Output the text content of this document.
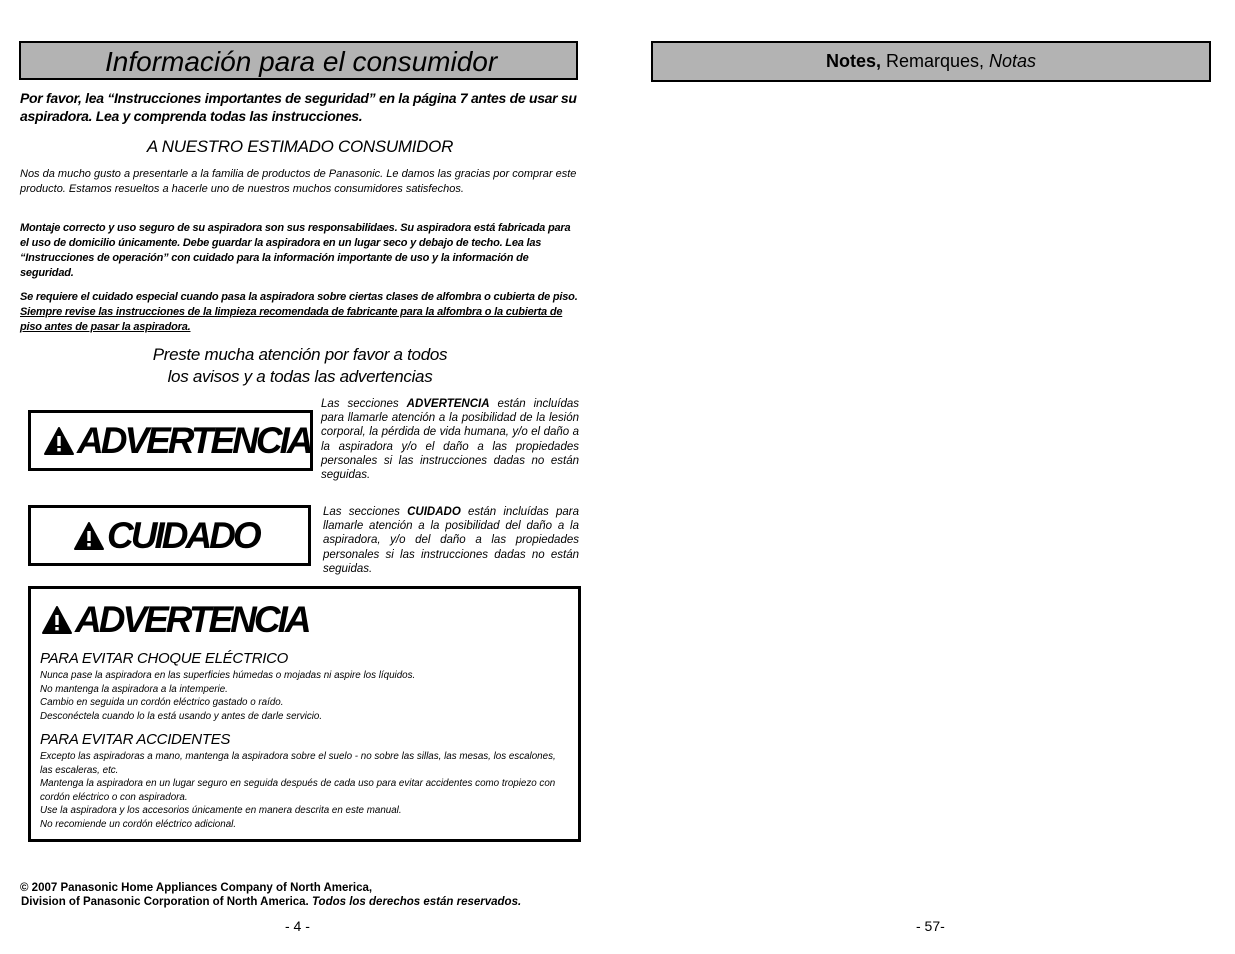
Información para el consumidor
Por favor, lea “Instrucciones importantes de seguridad” en la página 7 antes de usar su aspiradora. Lea y comprenda todas las instrucciones.
A NUESTRO ESTIMADO CONSUMIDOR
Nos da mucho gusto a presentarle a la familia de productos de Panasonic. Le damos las gracias por comprar este producto. Estamos resueltos a hacerle uno de nuestros muchos consumidores satisfechos.
Montaje correcto y uso seguro de su aspiradora son sus responsabilidaes. Su aspiradora está fabricada para el uso de domicilio únicamente. Debe guardar la aspiradora en un lugar seco y debajo de techo. Lea las “Instrucciones de operación” con cuidado para la información importante de uso y la información de seguridad.
Se requiere el cuidado especial cuando pasa la aspiradora sobre ciertas clases de alfombra o cubierta de piso. Siempre revise las instrucciones de la limpieza recomendada de fabricante para la alfombra o la cubierta de piso antes de pasar la aspiradora.
Preste mucha atención por favor a todos
los avisos y a todas las advertencias
ADVERTENCIA
Las secciones ADVERTENCIA están incluídas para llamarle atención a la posibilidad de la lesión corporal, la pérdida de vida humana, y/o el daño a la aspiradora y/o el daño a las propiedades personales si las instrucciones dadas no están seguidas.
CUIDADO
Las secciones CUIDADO están incluídas para llamarle atención a la posibilidad del daño a la aspiradora, y/o del daño a las propiedades personales si las instrucciones dadas no están seguidas.
ADVERTENCIA
PARA EVITAR CHOQUE ELÉCTRICO
Nunca pase la aspiradora en las superficies húmedas o mojadas ni aspire los líquidos.
No mantenga la aspiradora a la intemperie.
Cambio en seguida un cordón eléctrico gastado o raído.
Desconéctela cuando lo la está usando y antes de darle servicio.
PARA EVITAR ACCIDENTES
Excepto las aspiradoras a mano, mantenga la aspiradora sobre el suelo - no sobre las sillas, las mesas, los escalones, las escaleras, etc.
Mantenga la aspiradora en un lugar seguro en seguida después de cada uso para evitar accidentes como tropiezo con cordón eléctrico o con aspiradora.
Use la aspiradora y los accesorios únicamente en manera descrita en este manual.
No recomiende un cordón eléctrico adicional.
© 2007 Panasonic Home Appliances Company of North America,
Division of Panasonic Corporation of North America. Todos los derechos están reservados.
- 4 -
Notes, Remarques, Notas
- 57-
